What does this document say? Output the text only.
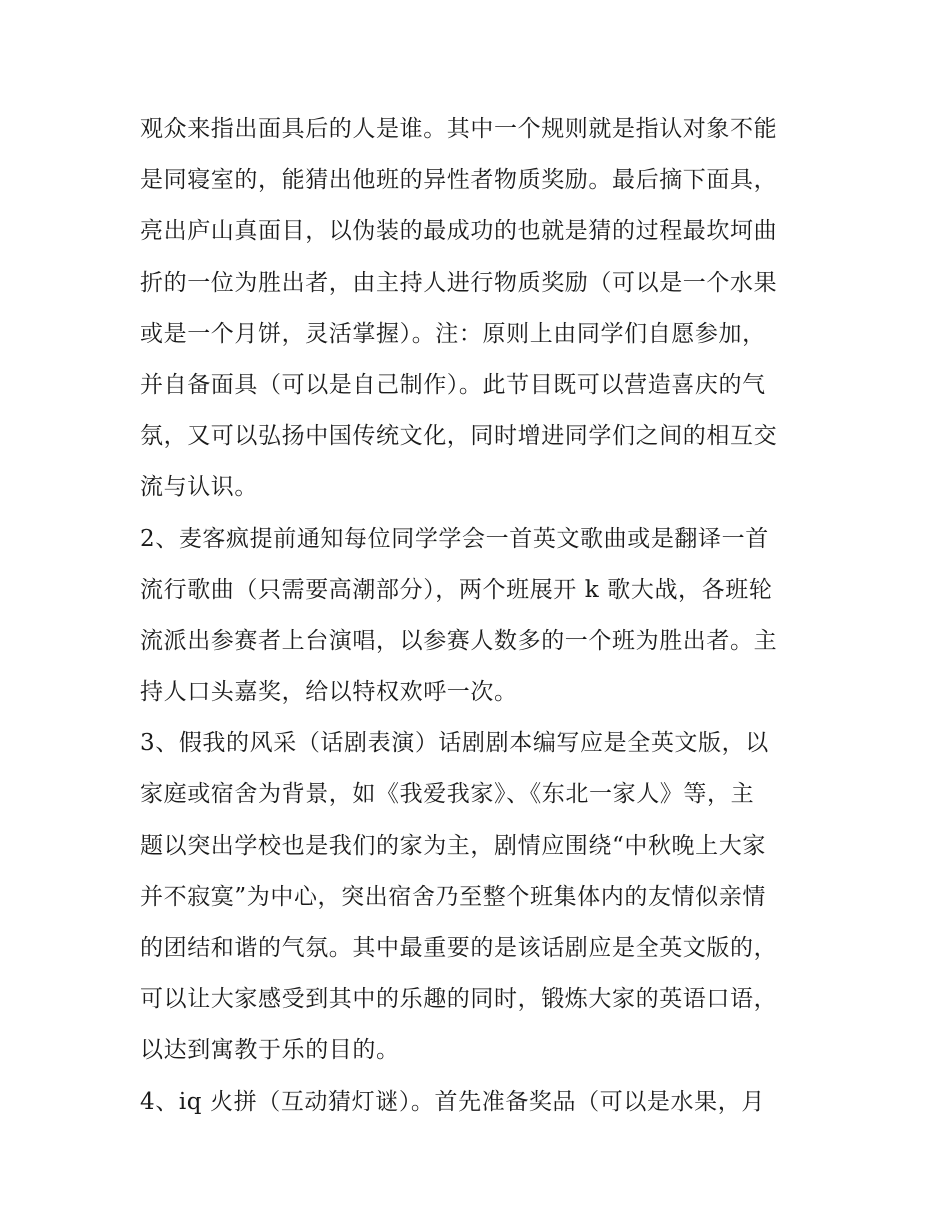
观众来指出面具后的人是谁。其中一个规则就是指认对象不能
是同寝室的，能猜出他班的异性者物质奖励。最后摘下面具，
亮出庐山真面目，以伪装的最成功的也就是猜的过程最坎坷曲
折的一位为胜出者，由主持人进行物质奖励（可以是一个水果
或是一个月饼，灵活掌握）。注：原则上由同学们自愿参加，
并自备面具（可以是自己制作）。此节目既可以营造喜庆的气
氛，又可以弘扬中国传统文化，同时增进同学们之间的相互交
流与认识。
2、麦客疯提前通知每位同学学会一首英文歌曲或是翻译一首
流行歌曲（只需要高潮部分），两个班展开 k 歌大战，各班轮
流派出参赛者上台演唱，以参赛人数多的一个班为胜出者。主
持人口头嘉奖，给以特权欢呼一次。
3、假我的风采（话剧表演）话剧剧本编写应是全英文版，以
家庭或宿舍为背景，如《我爱我家》、《东北一家人》等，主
题以突出学校也是我们的家为主，剧情应围绕“中秋晚上大家
并不寂寞”为中心，突出宿舍乃至整个班集体内的友情似亲情
的团结和谐的气氛。其中最重要的是该话剧应是全英文版的，
可以让大家感受到其中的乐趣的同时，锻炼大家的英语口语，
以达到寓教于乐的目的。
4、iq 火拼（互动猜灯谜）。首先准备奖品（可以是水果，月
